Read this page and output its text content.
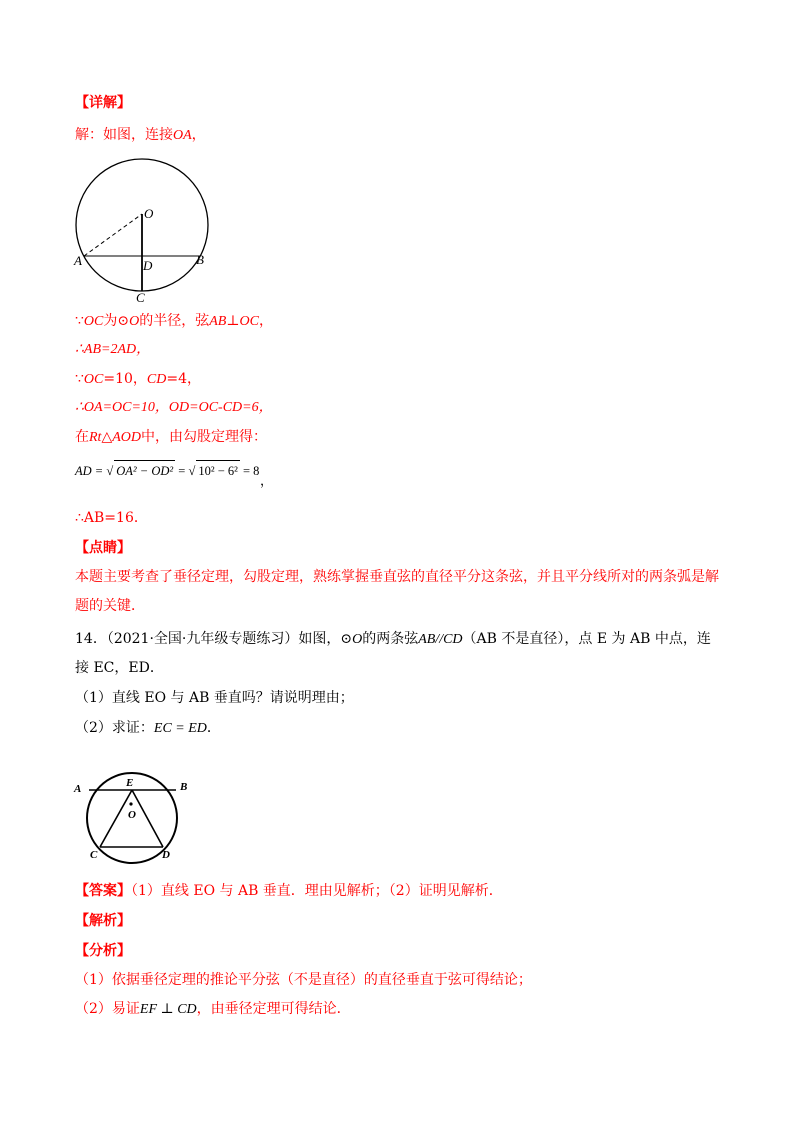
【详解】
解：如图，连接OA，
O
A	B
D
C
∵OC为⊙O的半径，弦AB⊥OC，
∴AB=2AD，
∵OC=10，CD=4，
∴OA=OC=10，OD=OC-CD=6，
在Rt△AOD中，由勾股定理得：
AD = √ OA² − OD² = √ 10² − 6² = 8
，
∴AB=16．
【点睛】
本题主要考查了垂径定理，勾股定理，熟练掌握垂直弦的直径平分这条弦，并且平分线所对的两条弧是解
题的关键．
14．（2021·全国·九年级专题练习）如图，⊙O的两条弦AB//CD（AB 不是直径），点 E 为 AB 中点，连
接 EC，ED．
（1）直线 EO 与 AB 垂直吗？请说明理由；
（2）求证：EC = ED．
A	B
E
O
C	D
【答案】（1）直线 EO 与 AB 垂直．理由见解析；（2）证明见解析．
【解析】
【分析】
（1）依据垂径定理的推论平分弦（不是直径）的直径垂直于弦可得结论；
（2）易证EF ⊥ CD，由垂径定理可得结论．
